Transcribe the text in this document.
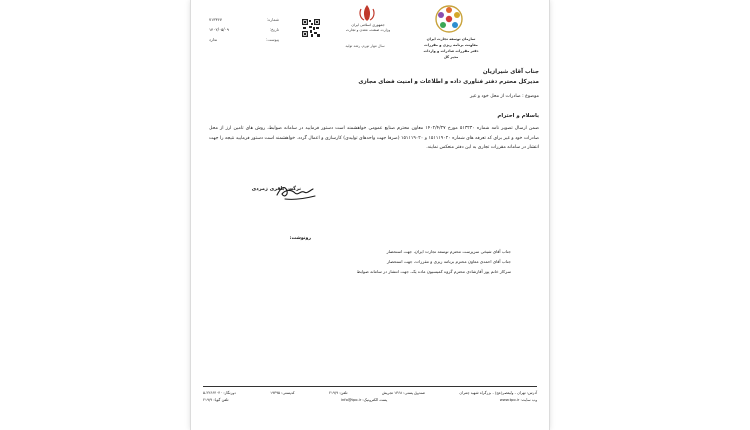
سازمان توسعه تجارت ایران
معاونت برنامه ریزی و مقررات
دفتر مقررات صادرات و واردات
مدیر کل
جمهوری اسلامی ایران
وزارت صنعت، معدن و تجارت
سال مهار تورم، رشد تولید
شماره:
۷۱۳۳۶۷
تاریخ:
۱۴۰۲/۰۵/۰۹
پیوست:
ندارد
جناب آقای شیرازیان
مدیرکل محترم دفتر فناوری داده و اطلاعات و امنیت فضای مجازی
موضوع : صادرات از محل خود و غیر
باسلام و احترام
ضمن ارسال تصویر نامه شماره ۵۱۳۲۳۰ مورخ ۱۴۰۲/۴/۲۷ معاون محترم صنایع عمومی خواهشمند است دستور فرمایید در سامانه ضوابط، روش های تامین ارز از محل صادرات خود و غیر برای کد تعرفه های شماره ۱۵۱۱۱۹۰۲۰ و ۱۵۱۱۱۹۰۲۰ (صرفا جهت واحدهای تولیدی) کارسازی و اعمال گردد. خواهشمند است دستور فرمایید نتیجه را جهت انتشار در سامانه مقررات تجاری به این دفتر منعکس نمایند.
نرگس باقری زمردی
رونوشت:
جناب آقای شیخی سرپرست محترم توسعه تجارت ایران، جهت استحضار
جناب آقای احمدی معاون محترم برنامه ریزی و مقررات، جهت استحضار
سرکار خانم پور آقارشادی محترم گروه کمیسیون ماده یک، جهت انتشار در سامانه ضوابط
آدرس: تهران - ولیعصر(عج) - بزرگراه شهید چمران
صندوق پستی: ۱۳۶۸ تجریش
تلفن: ۲۱۹/۹
کدپستی: ۱۹۳۹۵
دورنگار: ۲۲۶۶۴۰۴۰-۵
وب سایت: www.tpo.ir
پست الکترونیک: info@tpo.ir
تلفن گویا: ۲۱۹/۹
